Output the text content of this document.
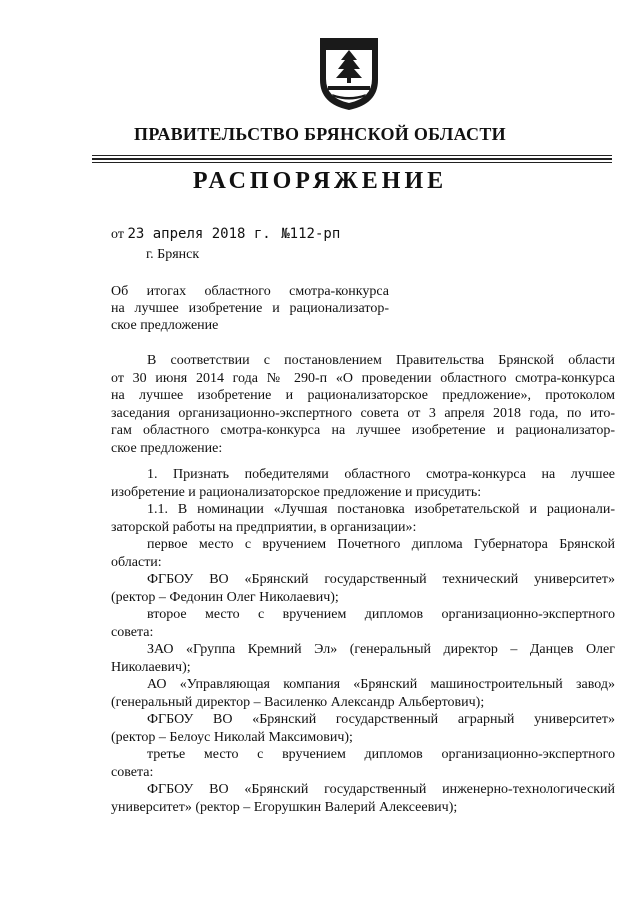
ПРАВИТЕЛЬСТВО БРЯНСКОЙ ОБЛАСТИ
РАСПОРЯЖЕНИЕ
от 23 апреля 2018 г. №112-рп
г. Брянск
Об итогах областного смотра-конкурса
на лучшее изобретение и рационализатор-
ское предложение
В соответствии с постановлением Правительства Брянской области
от 30 июня 2014 года № 290-п «О проведении областного смотра-конкурса
на лучшее изобретение и рационализаторское предложение», протоколом
заседания организационно-экспертного совета от 3 апреля 2018 года, по ито-
гам областного смотра-конкурса на лучшее изобретение и рационализатор-
ское предложение:
1. Признать победителями областного смотра-конкурса на лучшее
изобретение и рационализаторское предложение и присудить:
1.1. В номинации «Лучшая постановка изобретательской и рационали-
заторской работы на предприятии, в организации»:
первое место с вручением Почетного диплома Губернатора Брянской
области:
ФГБОУ ВО «Брянский государственный технический университет»
(ректор – Федонин Олег Николаевич);
второе место с вручением дипломов организационно-экспертного
совета:
ЗАО «Группа Кремний Эл» (генеральный директор – Данцев Олег
Николаевич);
АО «Управляющая компания «Брянский машиностроительный завод»
(генеральный директор – Василенко Александр Альбертович);
ФГБОУ ВО «Брянский государственный аграрный университет»
(ректор – Белоус Николай Максимович);
третье место с вручением дипломов организационно-экспертного
совета:
ФГБОУ ВО «Брянский государственный инженерно-технологический
университет» (ректор – Егорушкин Валерий Алексеевич);
